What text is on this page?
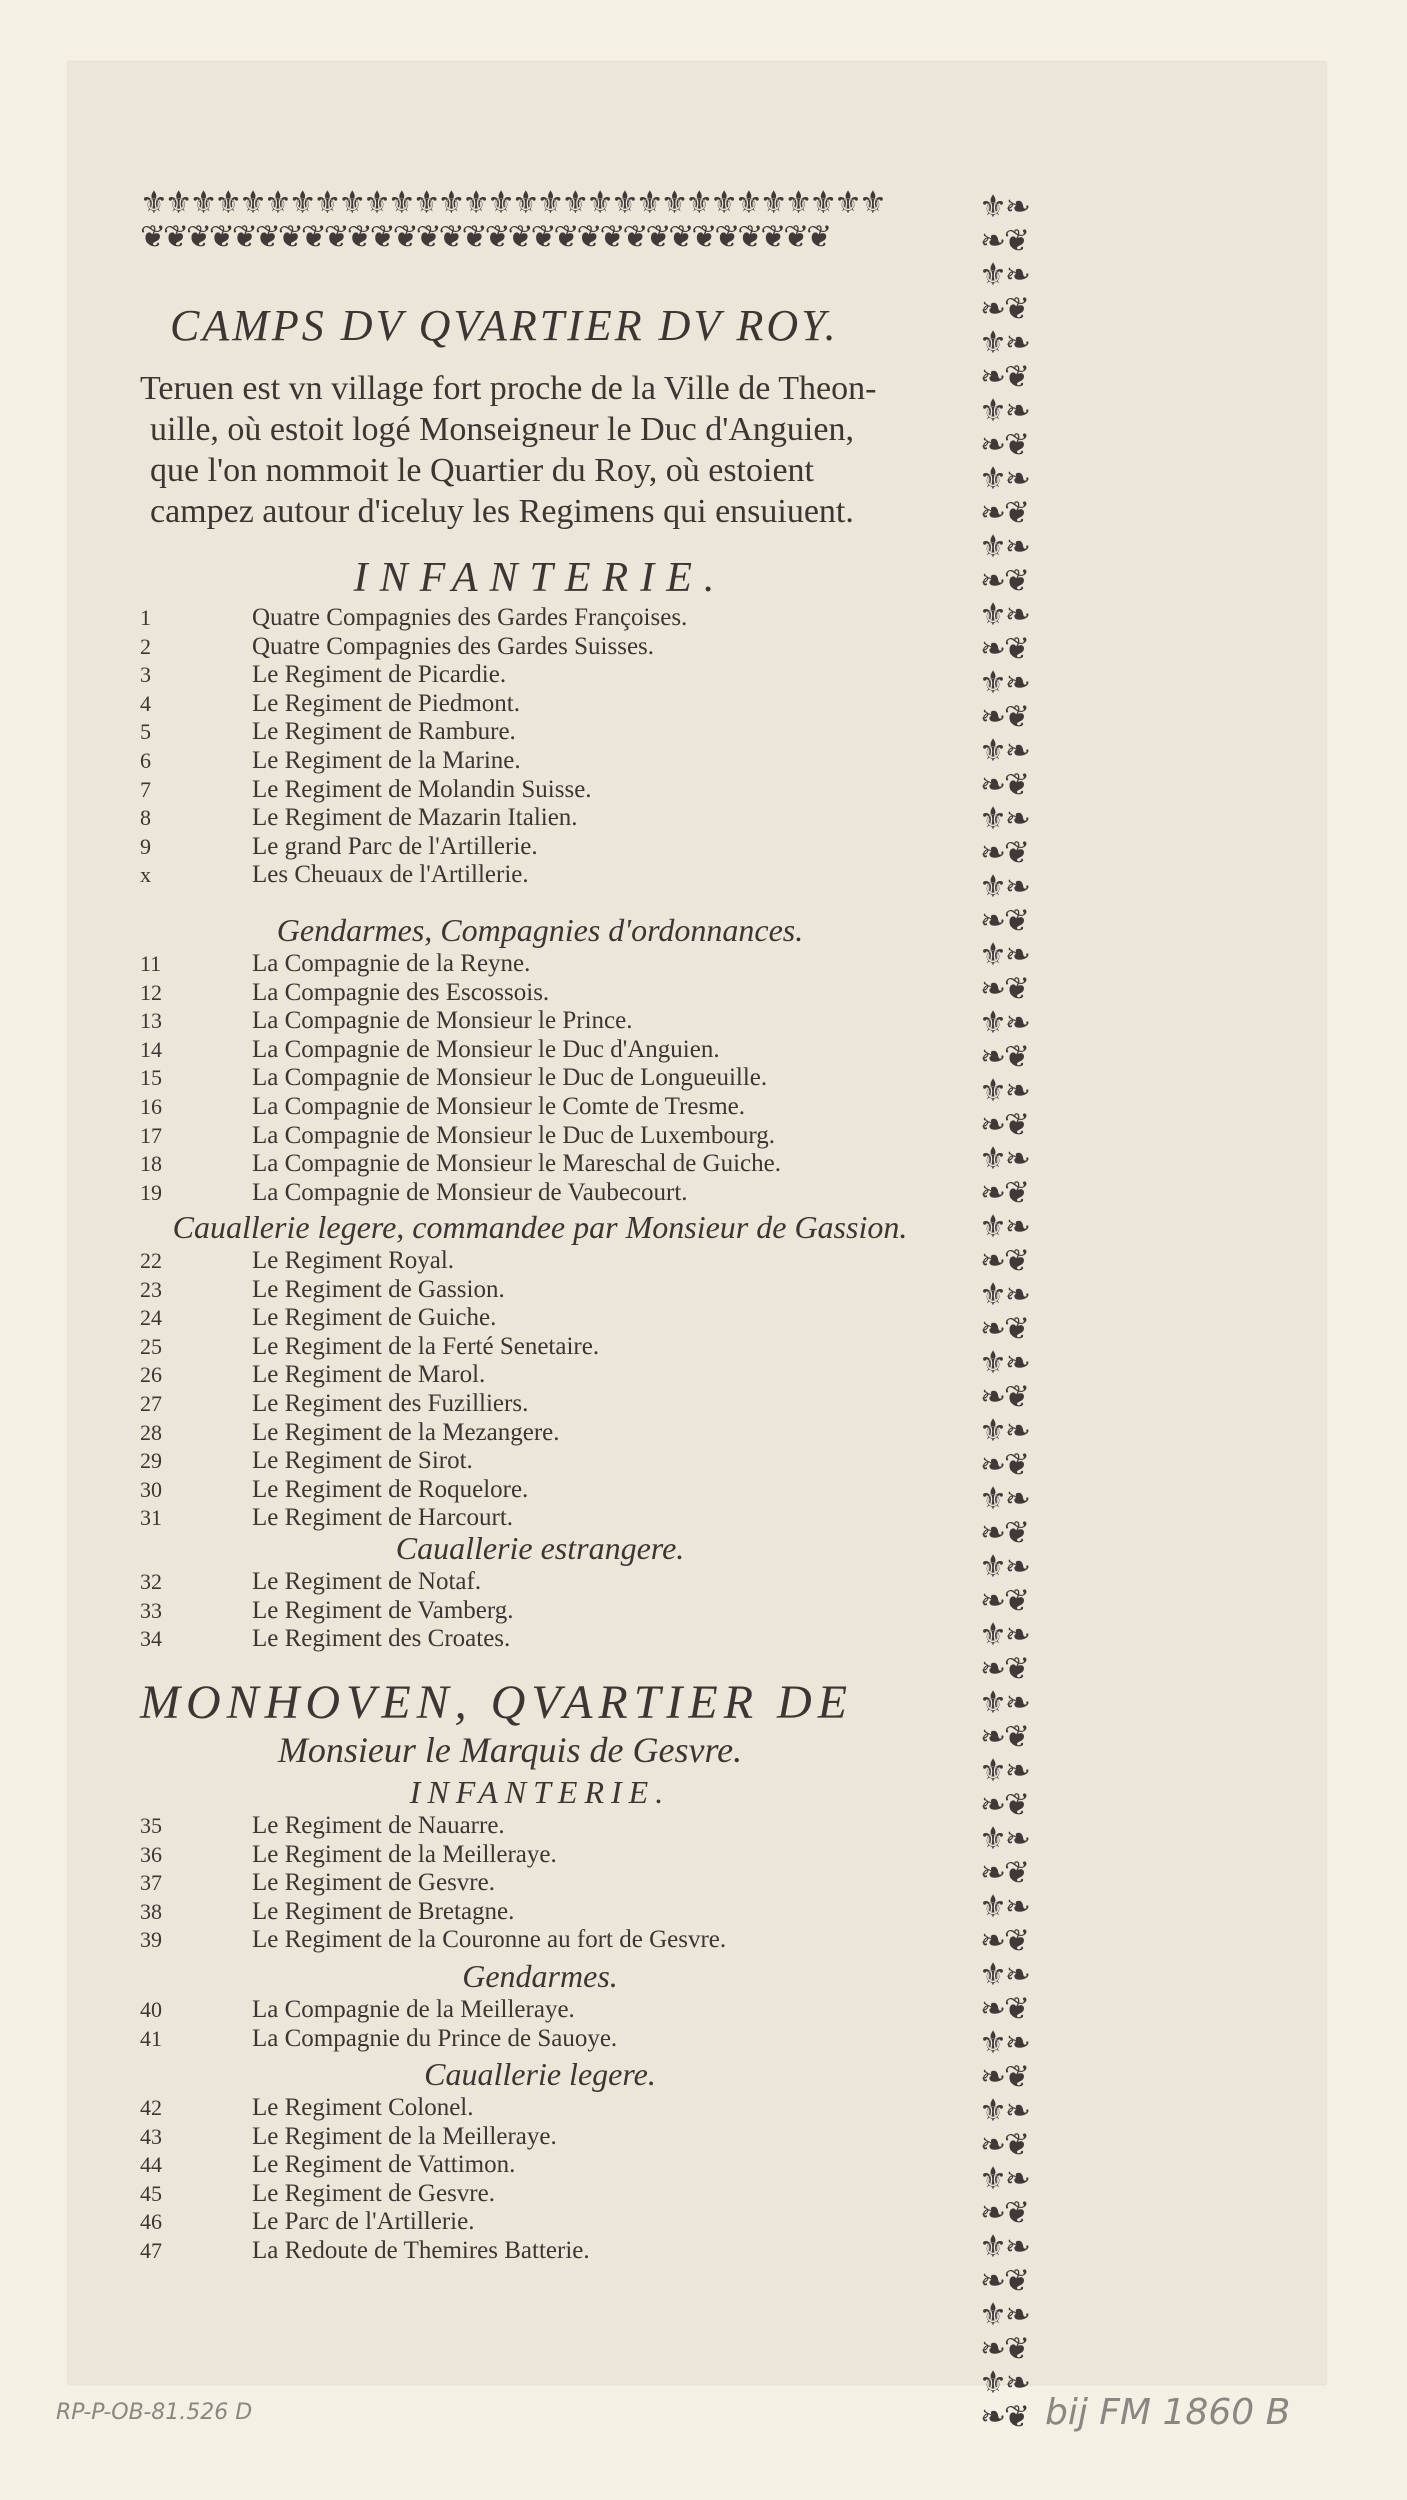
⚜⚜⚜⚜⚜⚜⚜⚜⚜⚜⚜⚜⚜⚜⚜⚜⚜⚜⚜⚜⚜⚜⚜⚜⚜⚜⚜⚜⚜⚜
❦❦❦❦❦❦❦❦❦❦❦❦❦❦❦❦❦❦❦❦❦❦❦❦❦❦❦❦❦❦
⚜❧
❧❦
⚜❧
❧❦
⚜❧
❧❦
⚜❧
❧❦
⚜❧
❧❦
⚜❧
❧❦
⚜❧
❧❦
⚜❧
❧❦
⚜❧
❧❦
⚜❧
❧❦
⚜❧
❧❦
⚜❧
❧❦
⚜❧
❧❦
⚜❧
❧❦
⚜❧
❧❦
⚜❧
❧❦
⚜❧
❧❦
⚜❧
❧❦
⚜❧
❧❦
⚜❧
❧❦
⚜❧
❧❦
⚜❧
❧❦
⚜❧
❧❦
⚜❧
❧❦
⚜❧
❧❦
⚜❧
❧❦
⚜❧
❧❦
⚜❧
❧❦
⚜❧
❧❦
⚜❧
❧❦
⚜❧
❧❦
⚜❧
❧❦
⚜❧
❧❦
CAMPS DV QVARTIER DV ROY.
Teruen est vn village fort proche de la Ville de Theon-
uille, où estoit logé Monseigneur le Duc d'Anguien,
que l'on nommoit le Quartier du Roy, où estoient
campez autour d'iceluy les Regimens qui ensuiuent.
INFANTERIE.
1	Quatre Compagnies des Gardes Françoises.
2	Quatre Compagnies des Gardes Suisses.
3	Le Regiment de Picardie.
4	Le Regiment de Piedmont.
5	Le Regiment de Rambure.
6	Le Regiment de la Marine.
7	Le Regiment de Molandin Suisse.
8	Le Regiment de Mazarin Italien.
9	Le grand Parc de l'Artillerie.
x	Les Cheuaux de l'Artillerie.
Gendarmes, Compagnies d'ordonnances.
11	La Compagnie de la Reyne.
12	La Compagnie des Escossois.
13	La Compagnie de Monsieur le Prince.
14	La Compagnie de Monsieur le Duc d'Anguien.
15	La Compagnie de Monsieur le Duc de Longueuille.
16	La Compagnie de Monsieur le Comte de Tresme.
17	La Compagnie de Monsieur le Duc de Luxembourg.
18	La Compagnie de Monsieur le Mareschal de Guiche.
19	La Compagnie de Monsieur de Vaubecourt.
Caualleriе legere, commandee par Monsieur de Gassion.
22	Le Regiment Royal.
23	Le Regiment de Gassion.
24	Le Regiment de Guiche.
25	Le Regiment de la Ferté Senetaire.
26	Le Regiment de Marol.
27	Le Regiment des Fuzilliers.
28	Le Regiment de la Mezangere.
29	Le Regiment de Sirot.
30	Le Regiment de Roquelore.
31	Le Regiment de Harcourt.
Cauallerie estrangere.
32	Le Regiment de Notaf.
33	Le Regiment de Vamberg.
34	Le Regiment des Croates.
MONHOVEN, QVARTIER DE
Monsieur le Marquis de Gesvre.
INFANTERIE.
35	Le Regiment de Nauarre.
36	Le Regiment de la Meilleraye.
37	Le Regiment de Gesvre.
38	Le Regiment de Bretagne.
39	Le Regiment de la Couronne au fort de Gesvre.
Gendarmes.
40	La Compagnie de la Meilleraye.
41	La Compagnie du Prince de Sauoye.
Cauallerie legere.
42	Le Regiment Colonel.
43	Le Regiment de la Meilleraye.
44	Le Regiment de Vattimon.
45	Le Regiment de Gesvre.
46	Le Parc de l'Artillerie.
47	La Redoute de Themires Batterie.
RP-P-OB-81.526 D	bij FM 1860 B
